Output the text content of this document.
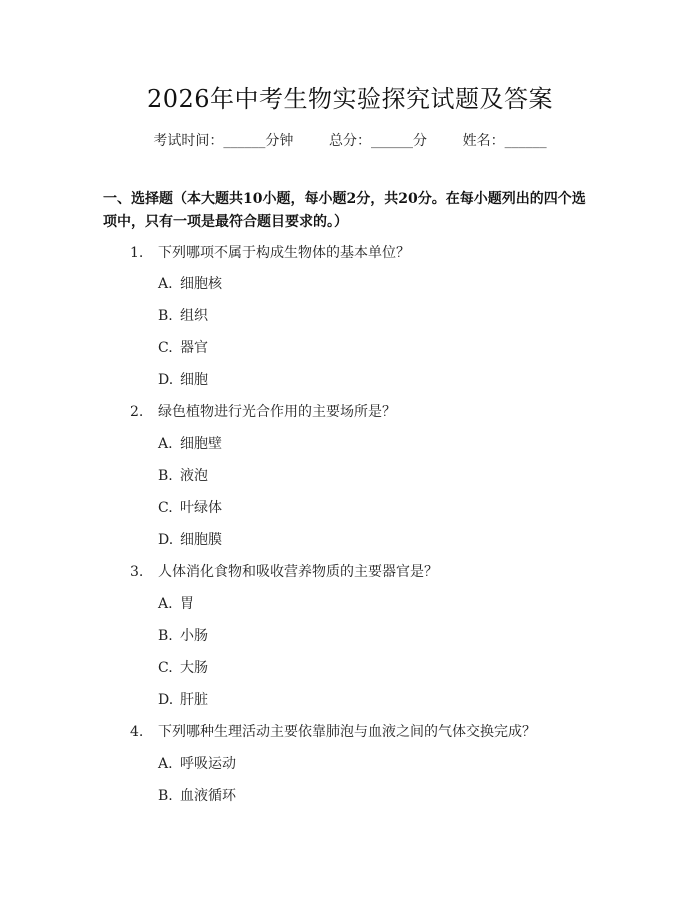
2026年中考生物实验探究试题及答案
考试时间：______分钟	总分：______分	姓名：______
一、选择题（本大题共10小题，每小题2分，共20分。在每小题列出的四个选项中，只有一项是最符合题目要求的。）
1. 下列哪项不属于构成生物体的基本单位？
A. 细胞核
B. 组织
C. 器官
D. 细胞
2. 绿色植物进行光合作用的主要场所是？
A. 细胞壁
B. 液泡
C. 叶绿体
D. 细胞膜
3. 人体消化食物和吸收营养物质的主要器官是？
A. 胃
B. 小肠
C. 大肠
D. 肝脏
4. 下列哪种生理活动主要依靠肺泡与血液之间的气体交换完成？
A. 呼吸运动
B. 血液循环
